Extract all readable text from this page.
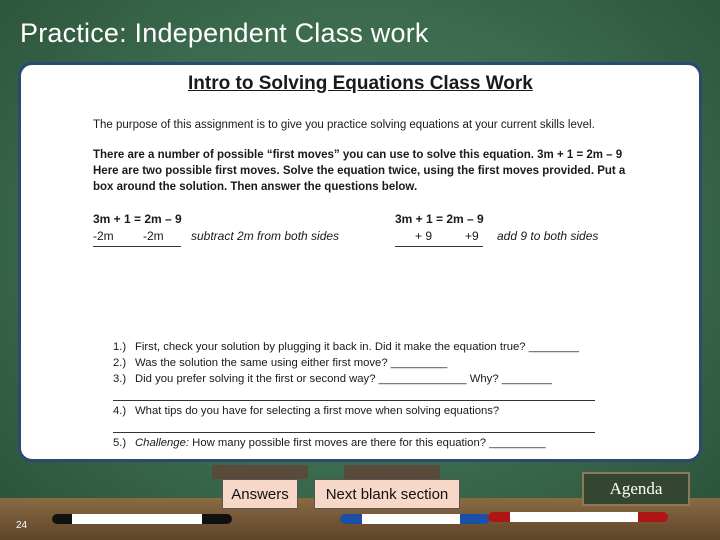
Practice: Independent Class work
Intro to Solving Equations Class Work
The purpose of this assignment is to give you practice solving equations at your current skills level.
There are a number of possible “first moves” you can use to solve this equation. 3m + 1 = 2m – 9
Here are two possible first moves. Solve the equation twice, using the first moves provided. Put a
box around the solution. Then answer the questions below.
3m + 1 = 2m – 9
-2m -2m subtract 2m from both sides
3m + 1 = 2m – 9
+ 9	+9 add 9 to both sides
1.) First, check your solution by plugging it back in. Did it make the equation true? ________
2.) Was the solution the same using either first move? _________
3.) Did you prefer solving it the first or second way? ______________ Why? ________
4.) What tips do you have for selecting a first move when solving equations?
5.) Challenge: How many possible first moves are there for this equation? _________
Answers	Next blank section	Agenda
24
